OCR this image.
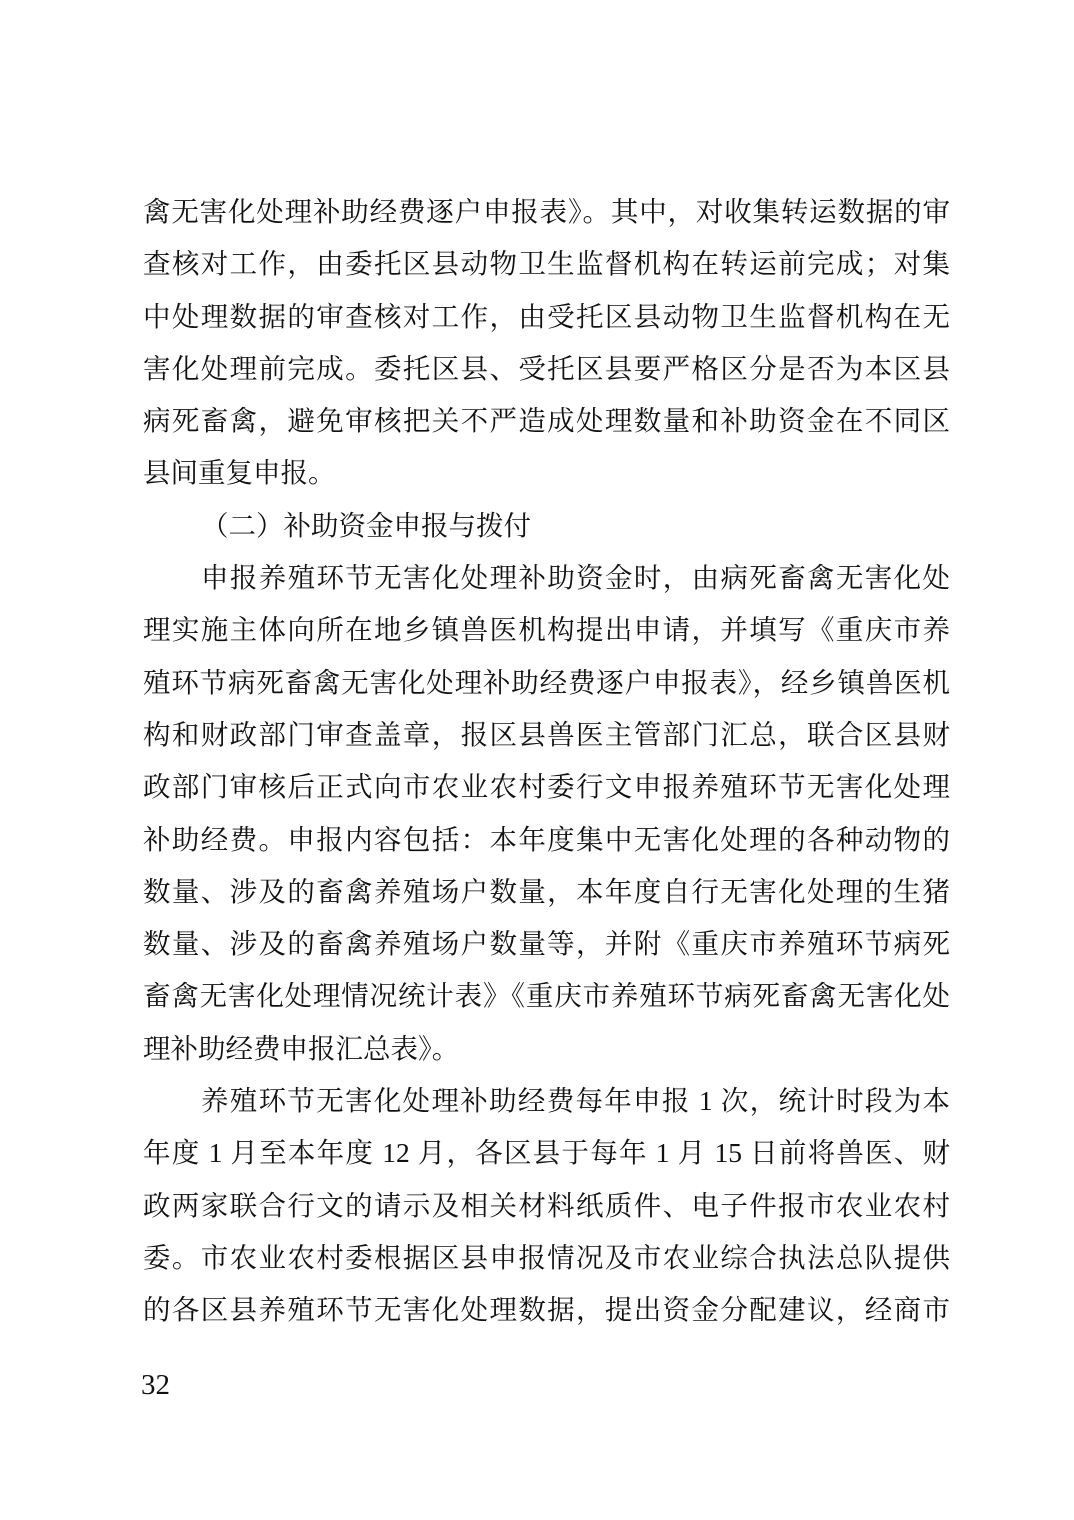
禽无害化处理补助经费逐户申报表》。其中，对收集转运数据的审
查核对工作，由委托区县动物卫生监督机构在转运前完成；对集
中处理数据的审查核对工作，由受托区县动物卫生监督机构在无
害化处理前完成。委托区县、受托区县要严格区分是否为本区县
病死畜禽，避免审核把关不严造成处理数量和补助资金在不同区
县间重复申报。
（二）补助资金申报与拨付
申报养殖环节无害化处理补助资金时，由病死畜禽无害化处
理实施主体向所在地乡镇兽医机构提出申请，并填写《重庆市养
殖环节病死畜禽无害化处理补助经费逐户申报表》，经乡镇兽医机
构和财政部门审查盖章，报区县兽医主管部门汇总，联合区县财
政部门审核后正式向市农业农村委行文申报养殖环节无害化处理
补助经费。申报内容包括：本年度集中无害化处理的各种动物的
数量、涉及的畜禽养殖场户数量，本年度自行无害化处理的生猪
数量、涉及的畜禽养殖场户数量等，并附《重庆市养殖环节病死
畜禽无害化处理情况统计表》《重庆市养殖环节病死畜禽无害化处
理补助经费申报汇总表》。
养殖环节无害化处理补助经费每年申报 1 次，统计时段为本
年度 1 月至本年度 12 月，各区县于每年 1 月 15 日前将兽医、财
政两家联合行文的请示及相关材料纸质件、电子件报市农业农村
委。市农业农村委根据区县申报情况及市农业综合执法总队提供
的各区县养殖环节无害化处理数据，提出资金分配建议，经商市
32
